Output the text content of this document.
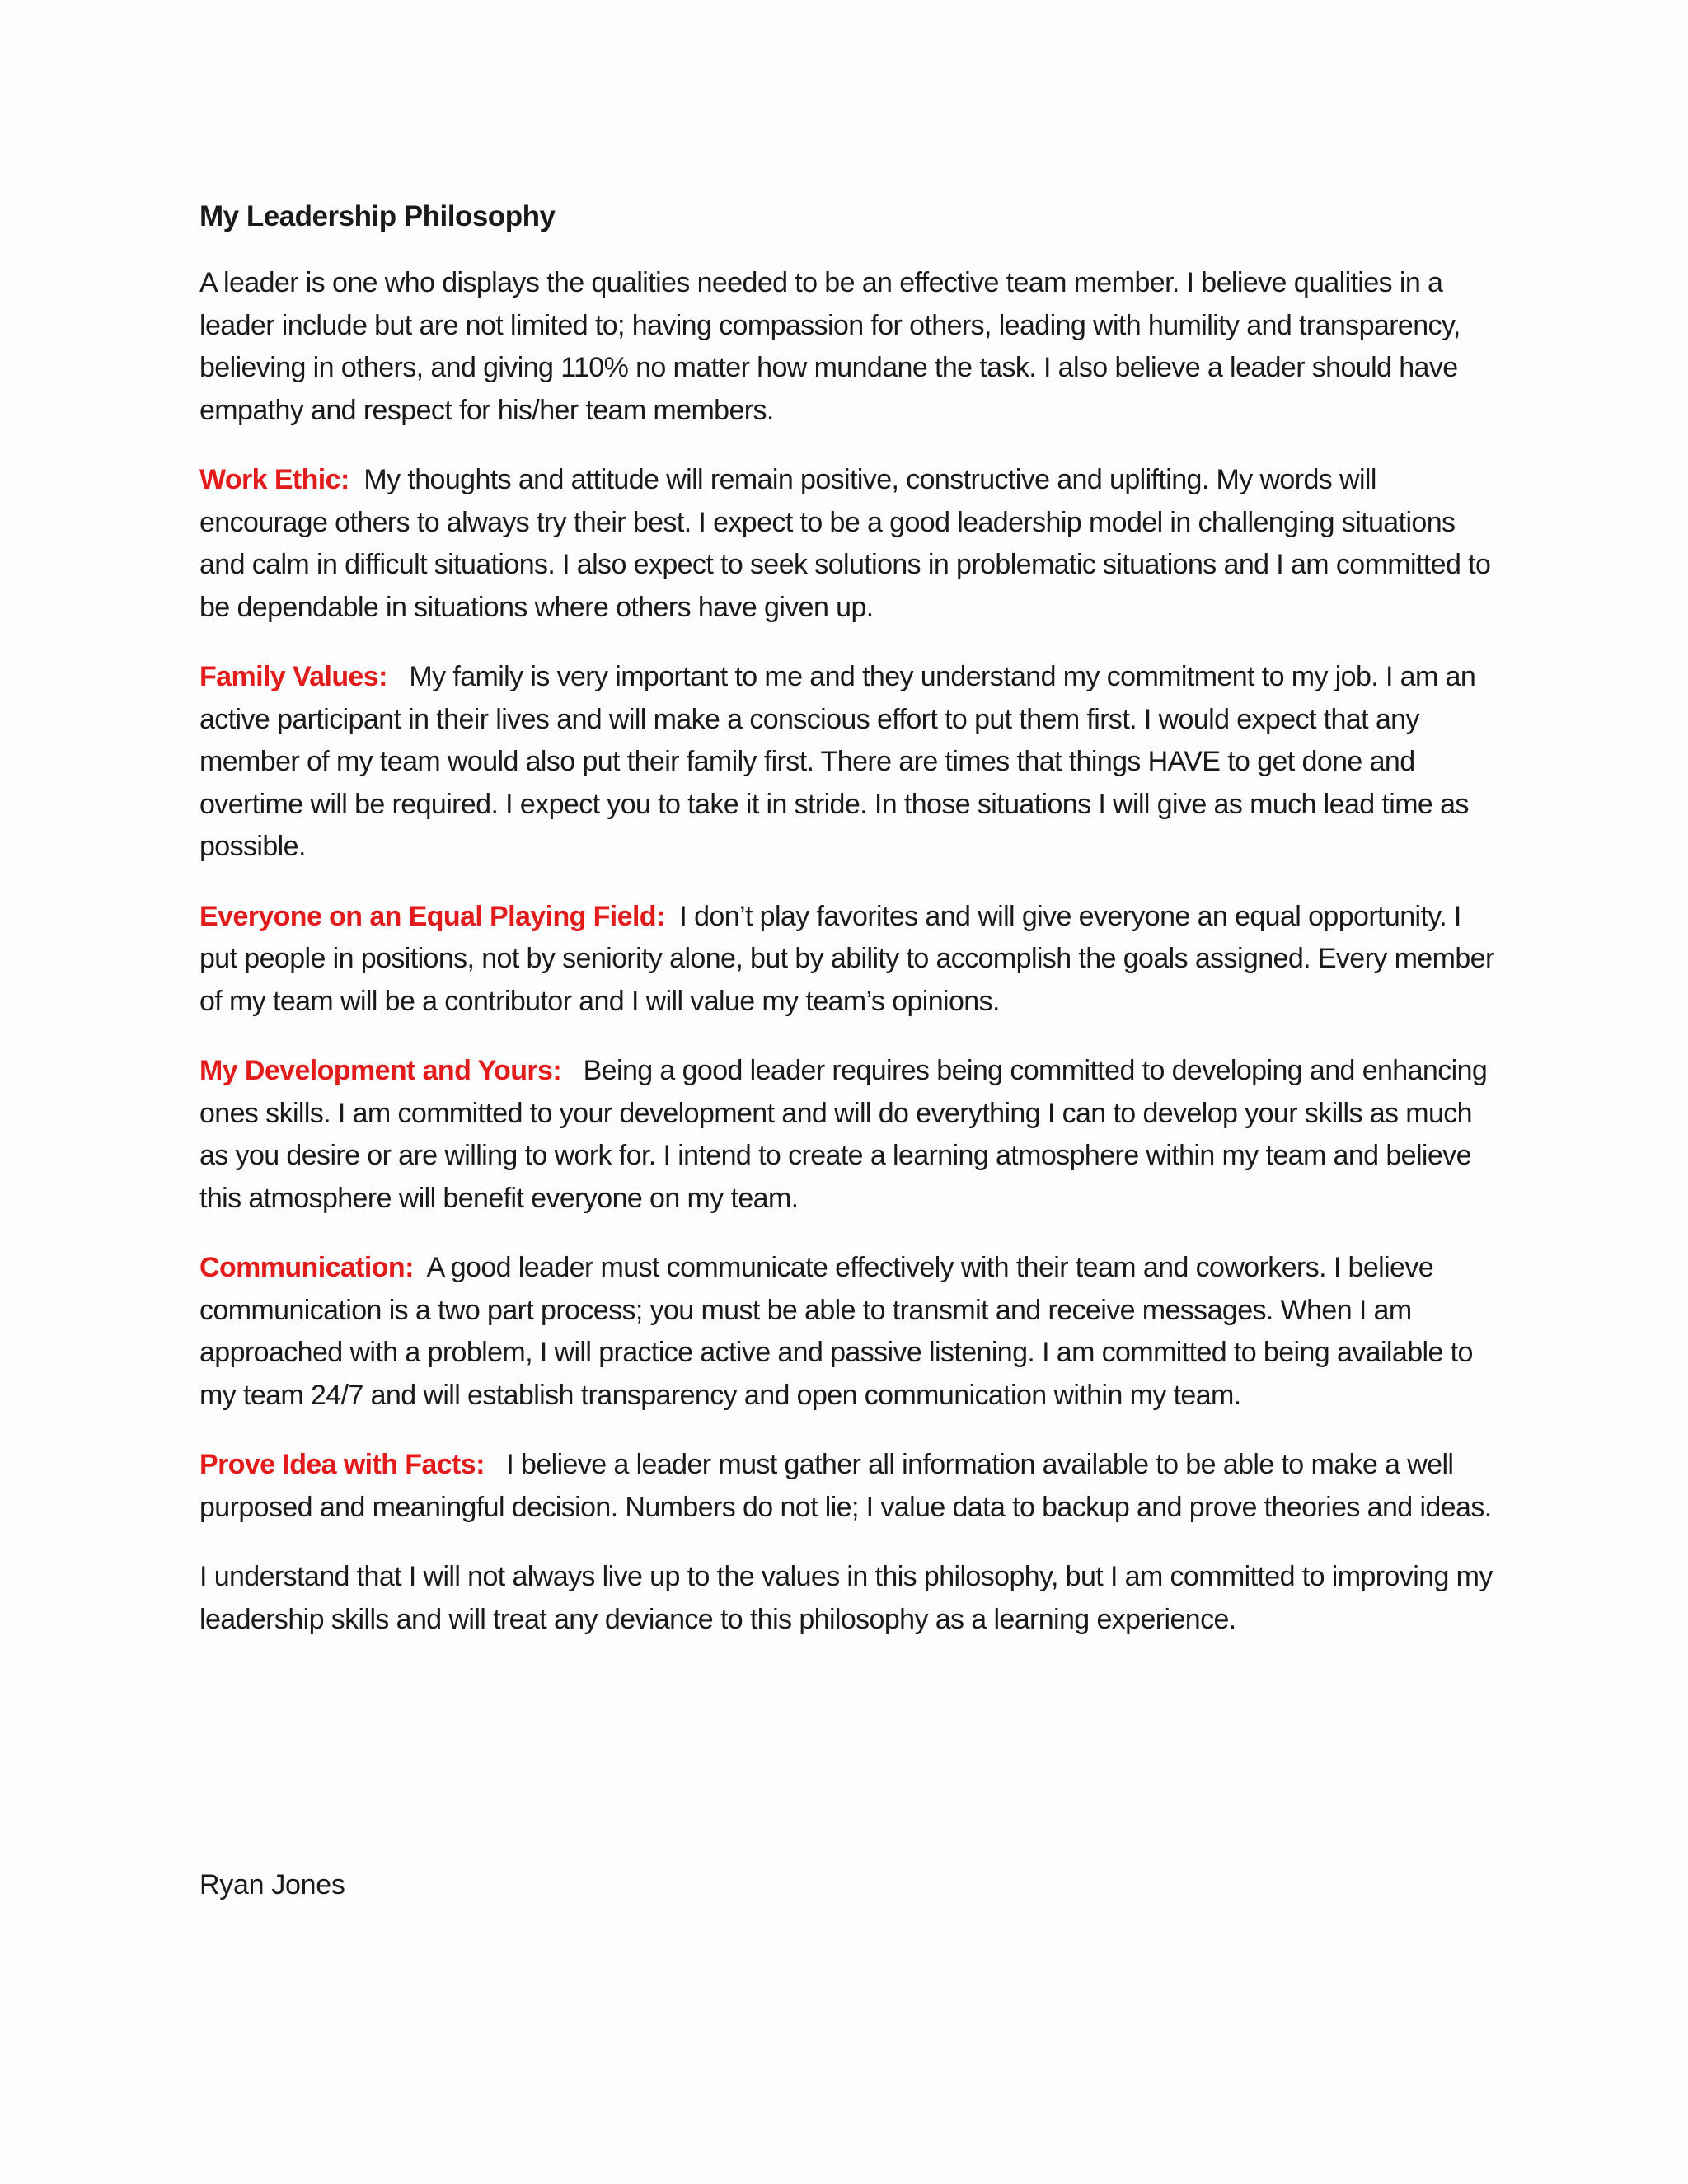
My Leadership Philosophy

A leader is one who displays the qualities needed to be an effective team member. I believe qualities in a leader include but are not limited to; having compassion for others, leading with humility and transparency, believing in others, and giving 110% no matter how mundane the task. I also believe a leader should have empathy and respect for his/her team members.

Work Ethic: My thoughts and attitude will remain positive, constructive and uplifting. My words will encourage others to always try their best. I expect to be a good leadership model in challenging situations and calm in difficult situations. I also expect to seek solutions in problematic situations and I am committed to be dependable in situations where others have given up.

Family Values: My family is very important to me and they understand my commitment to my job. I am an active participant in their lives and will make a conscious effort to put them first. I would expect that any member of my team would also put their family first. There are times that things HAVE to get done and overtime will be required. I expect you to take it in stride. In those situations I will give as much lead time as possible.

Everyone on an Equal Playing Field: I don’t play favorites and will give everyone an equal opportunity. I put people in positions, not by seniority alone, but by ability to accomplish the goals assigned. Every member of my team will be a contributor and I will value my team’s opinions.

My Development and Yours: Being a good leader requires being committed to developing and enhancing ones skills. I am committed to your development and will do everything I can to develop your skills as much as you desire or are willing to work for. I intend to create a learning atmosphere within my team and believe this atmosphere will benefit everyone on my team.

Communication: A good leader must communicate effectively with their team and coworkers. I believe communication is a two part process; you must be able to transmit and receive messages. When I am approached with a problem, I will practice active and passive listening. I am committed to being available to my team 24/7 and will establish transparency and open communication within my team.

Prove Idea with Facts: I believe a leader must gather all information available to be able to make a well purposed and meaningful decision. Numbers do not lie; I value data to backup and prove theories and ideas.

I understand that I will not always live up to the values in this philosophy, but I am committed to improving my leadership skills and will treat any deviance to this philosophy as a learning experience.

Ryan Jones
